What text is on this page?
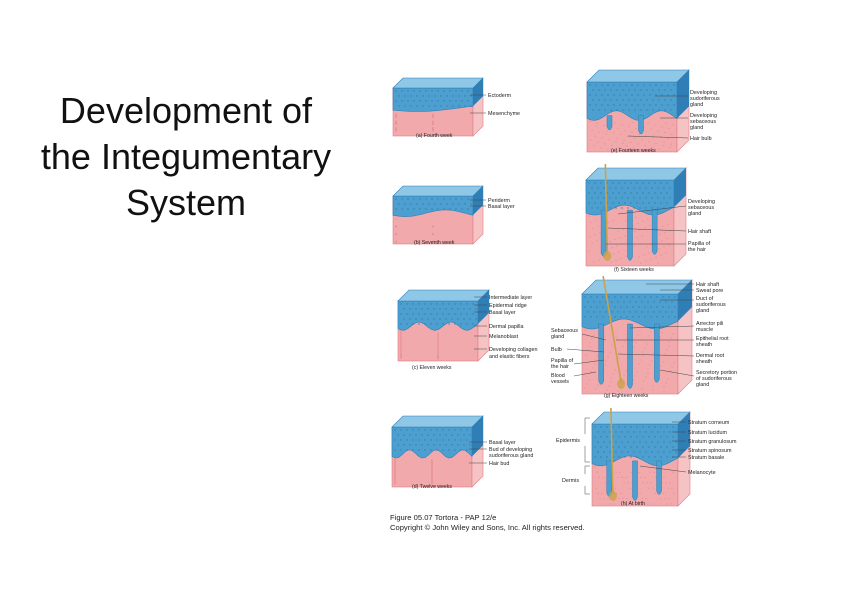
Development of
the Integumentary
System
Ectoderm
Mesenchyme
(a) Fourth week
Periderm
Basal layer
(b) Seventh week
Intermediate layer
Epidermal ridge
Basal layer
Dermal papilla
Melanoblast
Developing collagen
and elastic fibers
(c) Eleven weeks
Basal layer
Bud of developing
sudoriferous gland
Hair bud
(d) Twelve weeks
Developing
sudoriferous
gland
Developing
sebaceous
gland
Hair bulb
(e) Fourteen weeks
Developing
sebaceous
gland
Hair shaft
Papilla of
the hair
(f) Sixteen weeks
Hair shaft
Sweat pore
Duct of
sudoriferous
gland
Arrector pili
muscle
Epithelial root
sheath
Dermal root
sheath
Secretory portion
of sudoriferous
gland
Sebaceous
gland
Bulb
Papilla of
the hair
Blood
vessels
(g) Eighteen weeks
Stratum corneum
Stratum lucidum
Stratum granulosum
Stratum spinosum
Stratum basale
Melanocyte
Epidermis
Dermis
(h) At birth
Figure 05.07 Tortora - PAP 12/e
Copyright © John Wiley and Sons, Inc. All rights reserved.
